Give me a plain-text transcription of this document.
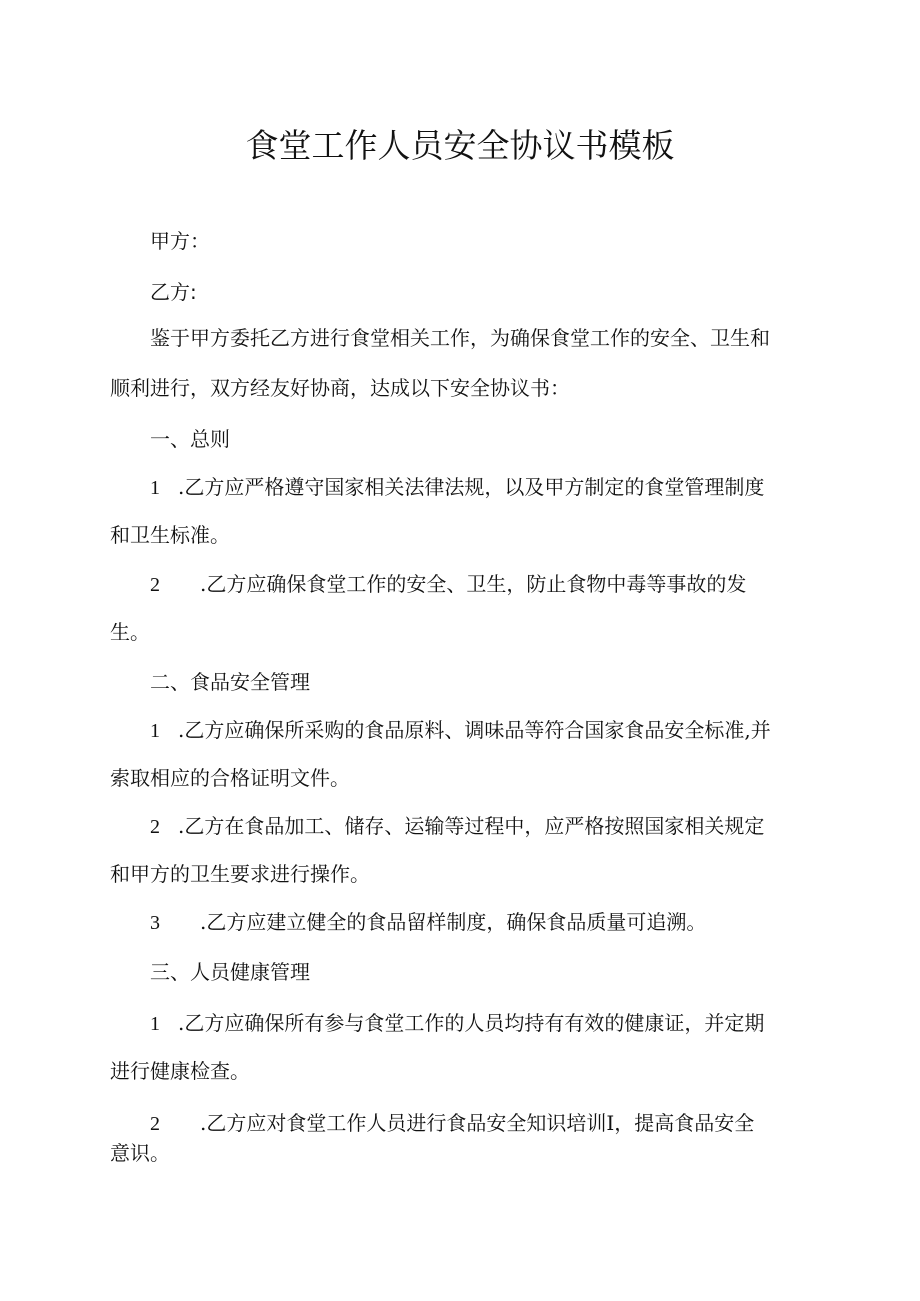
食堂工作人员安全协议书模板

甲方：

乙方:

鉴于甲方委托乙方进行食堂相关工作，为确保食堂工作的安全、卫生和

顺利进行，双方经友好协商，达成以下安全协议书：

一、总则

1 .乙方应严格遵守国家相关法律法规，以及甲方制定的食堂管理制度

和卫生标准。

2 .乙方应确保食堂工作的安全、卫生，防止食物中毒等事故的发

生。

二、食品安全管理

1 .乙方应确保所采购的食品原料、调味品等符合国家食品安全标准,并

索取相应的合格证明文件。

2 .乙方在食品加工、储存、运输等过程中，应严格按照国家相关规定

和甲方的卫生要求进行操作。

3 .乙方应建立健全的食品留样制度，确保食品质量可追溯。

三、人员健康管理

1 .乙方应确保所有参与食堂工作的人员均持有有效的健康证，并定期

进行健康检查。

2 .乙方应对食堂工作人员进行食品安全知识培训I，提高食品安全

意识。
